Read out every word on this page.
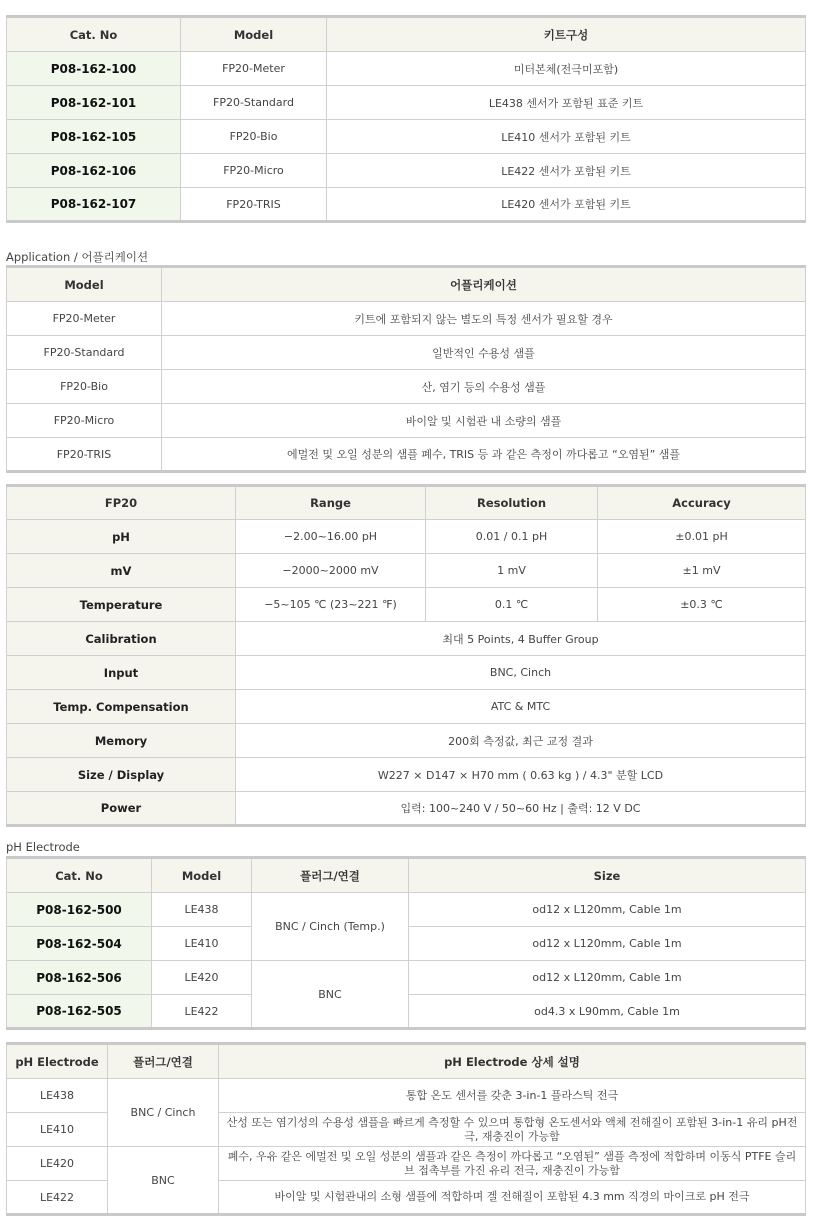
Cat. No	Model	키트구성
P08-162-100	FP20-Meter	미터본체(전극미포함)
P08-162-101	FP20-Standard	LE438 센서가 포함된 표준 키트
P08-162-105	FP20-Bio	LE410 센서가 포함된 키트
P08-162-106	FP20-Micro	LE422 센서가 포함된 키트
P08-162-107	FP20-TRIS	LE420 센서가 포함된 키트
Application / 어플리케이션
Model	어플리케이션
FP20-Meter	키트에 포함되지 않는 별도의 특정 센서가 필요할 경우
FP20-Standard	일반적인 수용성 샘플
FP20-Bio	산, 염기 등의 수용성 샘플
FP20-Micro	바이알 및 시험관 내 소량의 샘플
FP20-TRIS	에멀전 및 오일 성분의 샘플 폐수, TRIS 등 과 같은 측정이 까다롭고 “오염된” 샘플
FP20	Range	Resolution	Accuracy
pH	−2.00~16.00 pH	0.01 / 0.1 pH	±0.01 pH
mV	−2000~2000 mV	1 mV	±1 mV
Temperature	−5~105 ℃ (23~221 ℉)	0.1 ℃	±0.3 ℃
Calibration	최대 5 Points, 4 Buffer Group		
Input	BNC, Cinch		
Temp. Compensation	ATC & MTC		
Memory	200회 측정값, 최근 교정 결과		
Size / Display	W227 × D147 × H70 mm ( 0.63 kg ) / 4.3" 분할 LCD		
Power	입력: 100~240 V / 50~60 Hz | 출력: 12 V DC		
pH Electrode
Cat. No	Model	플러그/연결	Size
P08-162-500	LE438	BNC / Cinch (Temp.)	od12 x L120mm, Cable 1m
P08-162-504	LE410		od12 x L120mm, Cable 1m
P08-162-506	LE420	BNC	od12 x L120mm, Cable 1m
P08-162-505	LE422		od4.3 x L90mm, Cable 1m
pH Electrode	플러그/연결	pH Electrode 상세 설명
LE438	BNC / Cinch	통합 온도 센서를 갖춘 3-in-1 플라스틱 전극
LE410		산성 또는 염기성의 수용성 샘플을 빠르게 측정할 수 있으며 통합형 온도센서와 액체 전해질이 포함된 3-in-1 유리 pH전극, 재충진이 가능함
LE420	BNC	폐수, 우유 같은 에멀전 및 오일 성분의 샘플과 같은 측정이 까다롭고 “오염된” 샘플 측정에 적합하며 이동식 PTFE 슬리브 접촉부를 가진 유리 전극, 재충진이 가능함
LE422		바이알 및 시험관내의 소형 샘플에 적합하며 겔 전해질이 포함된 4.3 mm 직경의 마이크로 pH 전극
